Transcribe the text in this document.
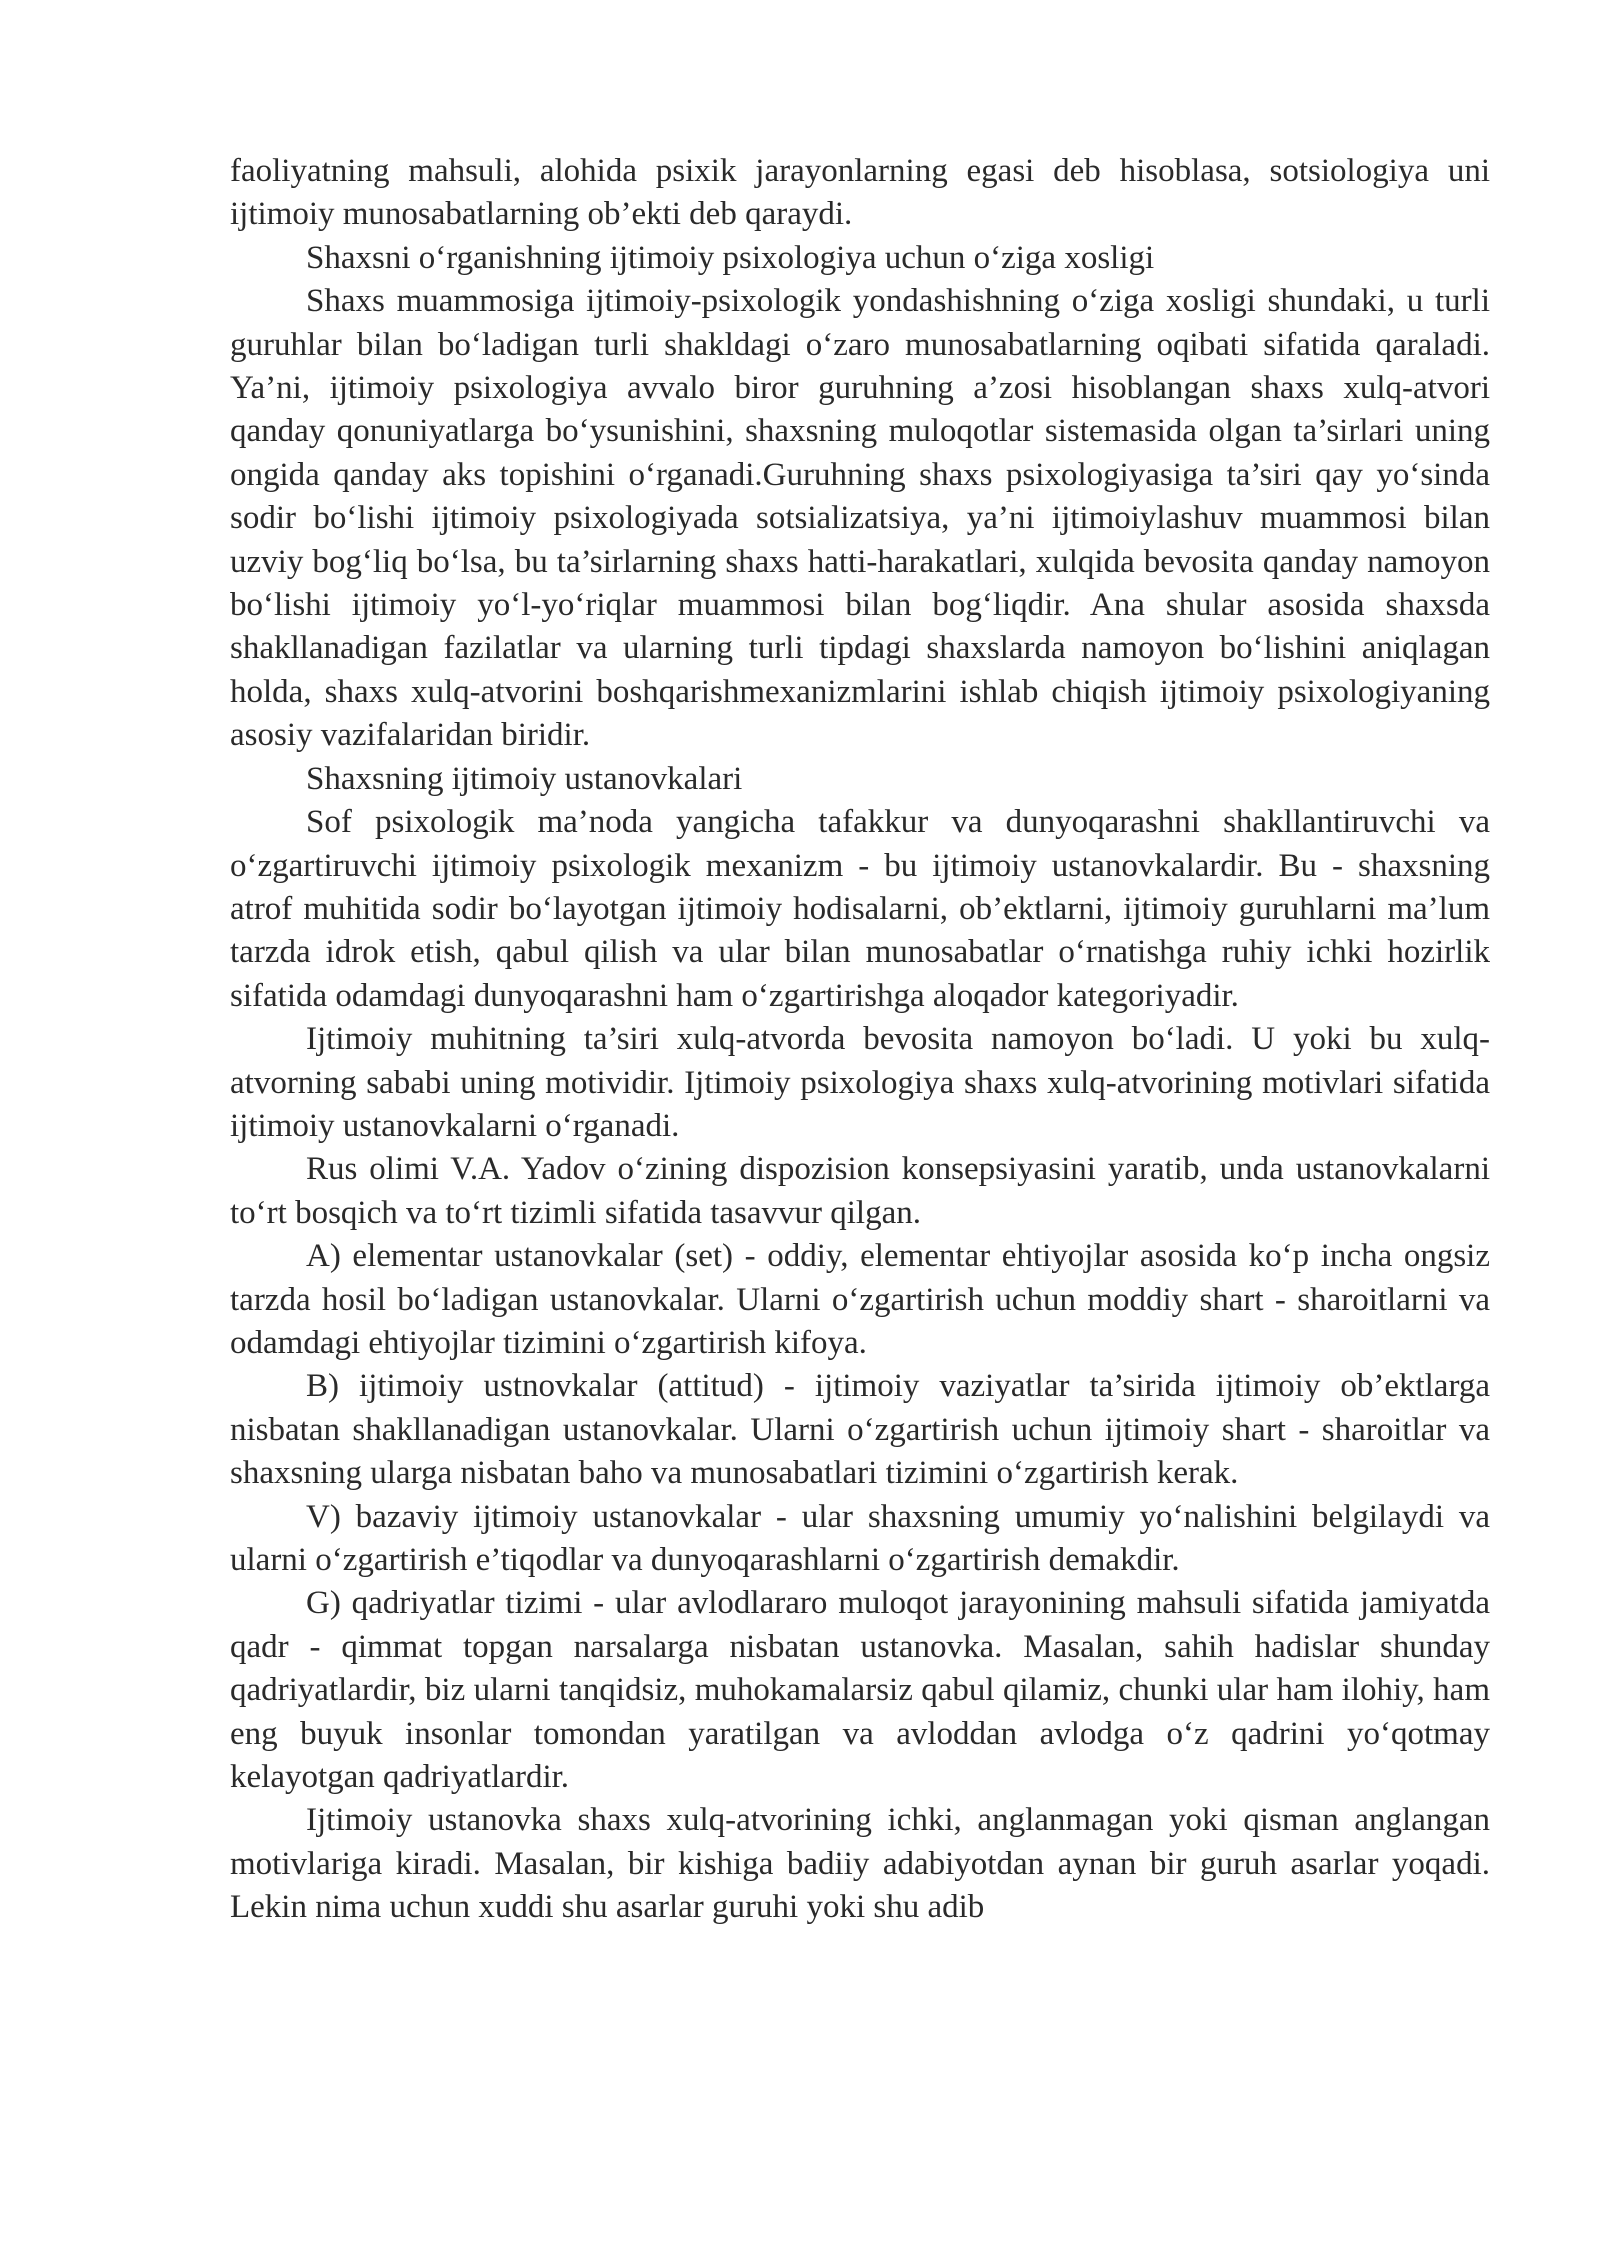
faoliyatning mahsuli, alohida psixik jarayonlarning egasi deb hisoblasa, sotsiologiya uni ijtimoiy munosabatlarning ob’ekti deb qaraydi.

Shaxsni o‘rganishning ijtimoiy psixologiya uchun o‘ziga xosligi

Shaxs muammosiga ijtimoiy-psixologik yondashishning o‘ziga xosligi shundaki, u turli guruhlar bilan bo‘ladigan turli shakldagi o‘zaro munosabatlarning oqibati sifatida qaraladi. Ya’ni, ijtimoiy psixologiya avvalo biror guruhning a’zosi hisoblangan shaxs xulq-atvori qanday qonuniyatlarga bo‘ysunishini, shaxsning muloqotlar sistemasida olgan ta’sirlari uning ongida qanday aks topishini o‘rganadi.Guruhning shaxs psixologiyasiga ta’siri qay yo‘sinda sodir bo‘lishi ijtimoiy psixologiyada sotsializatsiya, ya’ni ijtimoiylashuv muammosi bilan uzviy bog‘liq bo‘lsa, bu ta’sirlarning shaxs hatti-harakatlari, xulqida bevosita qanday namoyon bo‘lishi ijtimoiy yo‘l-yo‘riqlar muammosi bilan bog‘liqdir. Ana shular asosida shaxsda shakllanadigan fazilatlar va ularning turli tipdagi shaxslarda namoyon bo‘lishini aniqlagan holda, shaxs xulq-atvorini boshqarishmexanizmlarini ishlab chiqish ijtimoiy psixologiyaning asosiy vazifalaridan biridir.

Shaxsning ijtimoiy ustanovkalari

Sof psixologik ma’noda yangicha tafakkur va dunyoqarashni shakllantiruvchi va o‘zgartiruvchi ijtimoiy psixologik mexanizm - bu ijtimoiy ustanovkalardir. Bu - shaxsning atrof muhitida sodir bo‘layotgan ijtimoiy hodisalarni, ob’ektlarni, ijtimoiy guruhlarni ma’lum tarzda idrok etish, qabul qilish va ular bilan munosabatlar o‘rnatishga ruhiy ichki hozirlik sifatida odamdagi dunyoqarashni ham o‘zgartirishga aloqador kategoriyadir.

Ijtimoiy muhitning ta’siri xulq-atvorda bevosita namoyon bo‘ladi. U yoki bu xulq-atvorning sababi uning motividir. Ijtimoiy psixologiya shaxs xulq-atvorining motivlari sifatida ijtimoiy ustanovkalarni o‘rganadi.

Rus olimi V.A. Yadov o‘zining dispozision konsepsiyasini yaratib, unda ustanovkalarni to‘rt bosqich va to‘rt tizimli sifatida tasavvur qilgan.

A) elementar ustanovkalar (set) - oddiy, elementar ehtiyojlar asosida ko‘p incha ongsiz tarzda hosil bo‘ladigan ustanovkalar. Ularni o‘zgartirish uchun moddiy shart - sharoitlarni va odamdagi ehtiyojlar tizimini o‘zgartirish kifoya.

B) ijtimoiy ustnovkalar (attitud) - ijtimoiy vaziyatlar ta’sirida ijtimoiy ob’ektlarga nisbatan shakllanadigan ustanovkalar. Ularni o‘zgartirish uchun ijtimoiy shart - sharoitlar va shaxsning ularga nisbatan baho va munosabatlari tizimini o‘zgartirish kerak.

V) bazaviy ijtimoiy ustanovkalar - ular shaxsning umumiy yo‘nalishini belgilaydi va ularni o‘zgartirish e’tiqodlar va dunyoqarashlarni o‘zgartirish demakdir.

G) qadriyatlar tizimi - ular avlodlararo muloqot jarayonining mahsuli sifatida jamiyatda qadr - qimmat topgan narsalarga nisbatan ustanovka. Masalan, sahih hadislar shunday qadriyatlardir, biz ularni tanqidsiz, muhokamalarsiz qabul qilamiz, chunki ular ham ilohiy, ham eng buyuk insonlar tomondan yaratilgan va avloddan avlodga o‘z qadrini yo‘qotmay kelayotgan qadriyatlardir.

Ijtimoiy ustanovka shaxs xulq-atvorining ichki, anglanmagan yoki qisman anglangan motivlariga kiradi. Masalan, bir kishiga badiiy adabiyotdan aynan bir guruh asarlar yoqadi. Lekin nima uchun xuddi shu asarlar guruhi yoki shu adib
